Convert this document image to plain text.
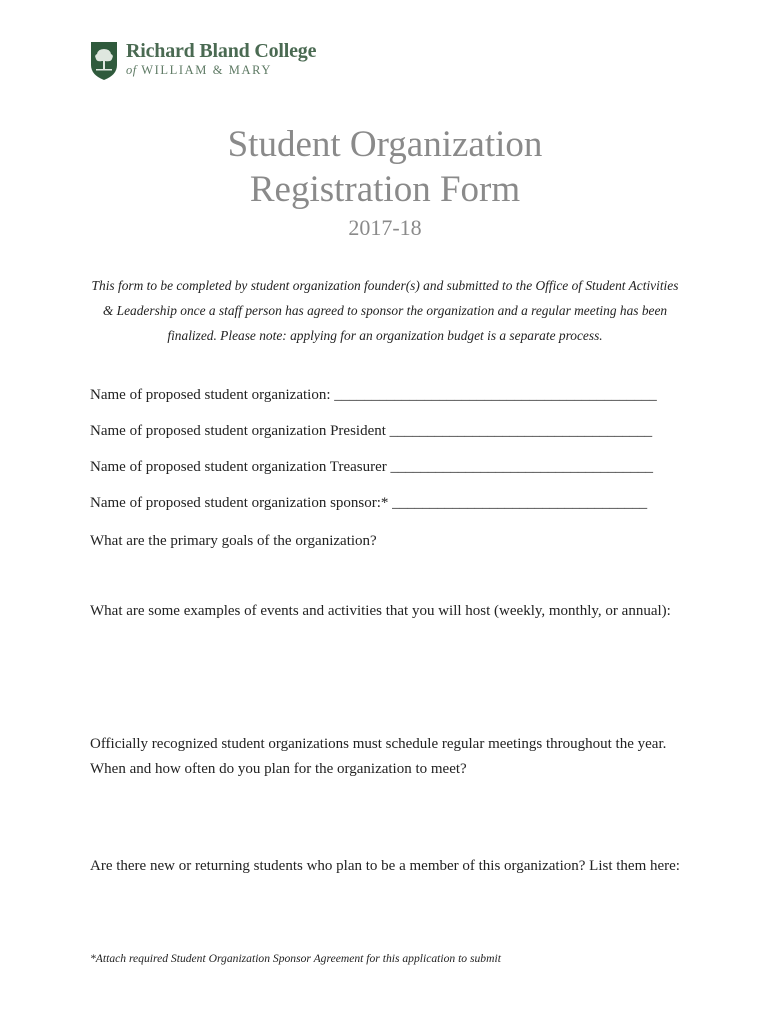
Richard Bland College
of WILLIAM & MARY
Student Organization
Registration Form
2017-18
This form to be completed by student organization founder(s) and submitted to the Office of Student Activities & Leadership once a staff person has agreed to sponsor the organization and a regular meeting has been finalized. Please note: applying for an organization budget is a separate process.
Name of proposed student organization: ___________________________________________
Name of proposed student organization President ___________________________________
Name of proposed student organization Treasurer ___________________________________
Name of proposed student organization sponsor:* __________________________________
What are the primary goals of the organization?
What are some examples of events and activities that you will host (weekly, monthly, or annual):
Officially recognized student organizations must schedule regular meetings throughout the year. When and how often do you plan for the organization to meet?
Are there new or returning students who plan to be a member of this organization? List them here:
*Attach required Student Organization Sponsor Agreement for this application to submit
